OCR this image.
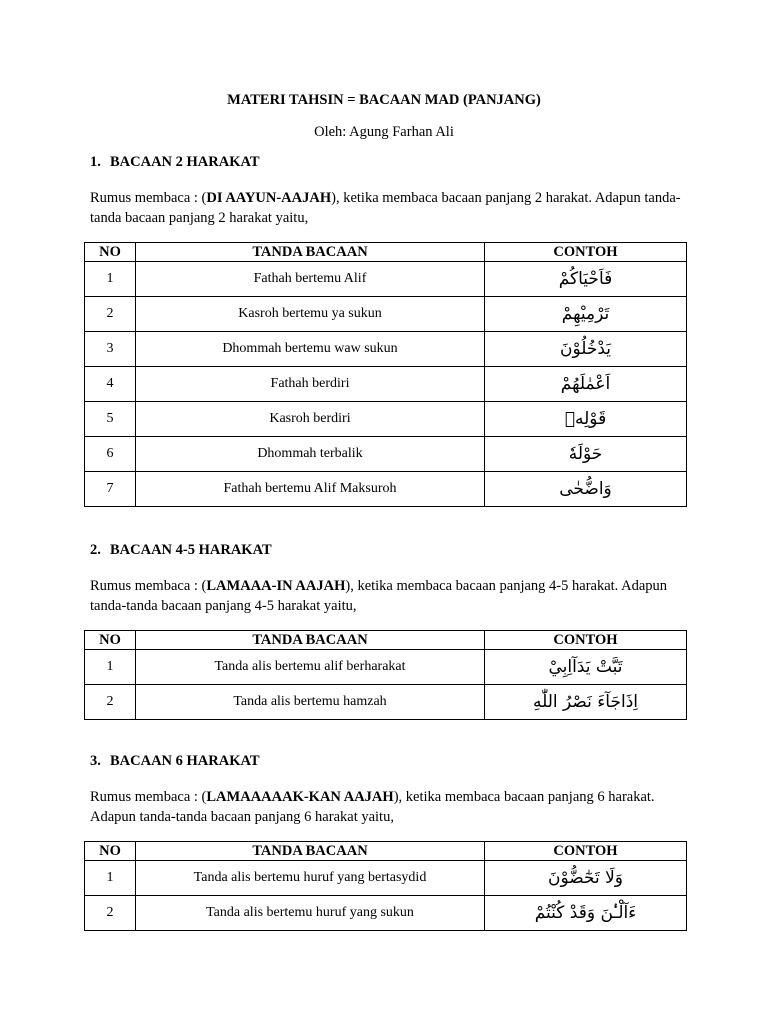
MATERI TAHSIN = BACAAN MAD (PANJANG)
Oleh: Agung Farhan Ali
1. BACAAN 2 HARAKAT
Rumus membaca : (DI AAYUN-AAJAH), ketika membaca bacaan panjang 2 harakat. Adapun tanda-tanda bacaan panjang 2 harakat yaitu,
NO	TANDA BACAAN	CONTOH
1	Fathah bertemu Alif	فَاَحْيَاكُمْ
2	Kasroh bertemu ya sukun	تَرْمِيْهِمْ
3	Dhommah bertemu waw sukun	يَدْخُلُوْنَ
4	Fathah berdiri	اَعْمٰلَهُمْ
5	Kasroh berdiri	قَوْلِهٖ
6	Dhommah terbalik	حَوْلَهٗ
7	Fathah bertemu Alif Maksuroh	وَاضُّحٰى
2. BACAAN 4-5 HARAKAT
Rumus membaca : (LAMAAA-IN AAJAH), ketika membaca bacaan panjang 4-5 harakat. Adapun tanda-tanda bacaan panjang 4-5 harakat yaitu,
NO	TANDA BACAAN	CONTOH
1	Tanda alis bertemu alif berharakat	تَبَّتْ يَدَآاِبِيْ
2	Tanda alis bertemu hamzah	اِذَاجَآءَ نَصْرُ اللّٰهِ
3. BACAAN 6 HARAKAT
Rumus membaca : (LAMAAAAAK-KAN AAJAH), ketika membaca bacaan panjang 6 harakat. Adapun tanda-tanda bacaan panjang 6 harakat yaitu,
NO	TANDA BACAAN	CONTOH
1	Tanda alis bertemu huruf yang bertasydid	وَلَا تَحٰٓضُّوْنَ
2	Tanda alis bertemu huruf yang sukun	ءَآلْـٰٔنَ وَقَدْ كُنْتُمْ
